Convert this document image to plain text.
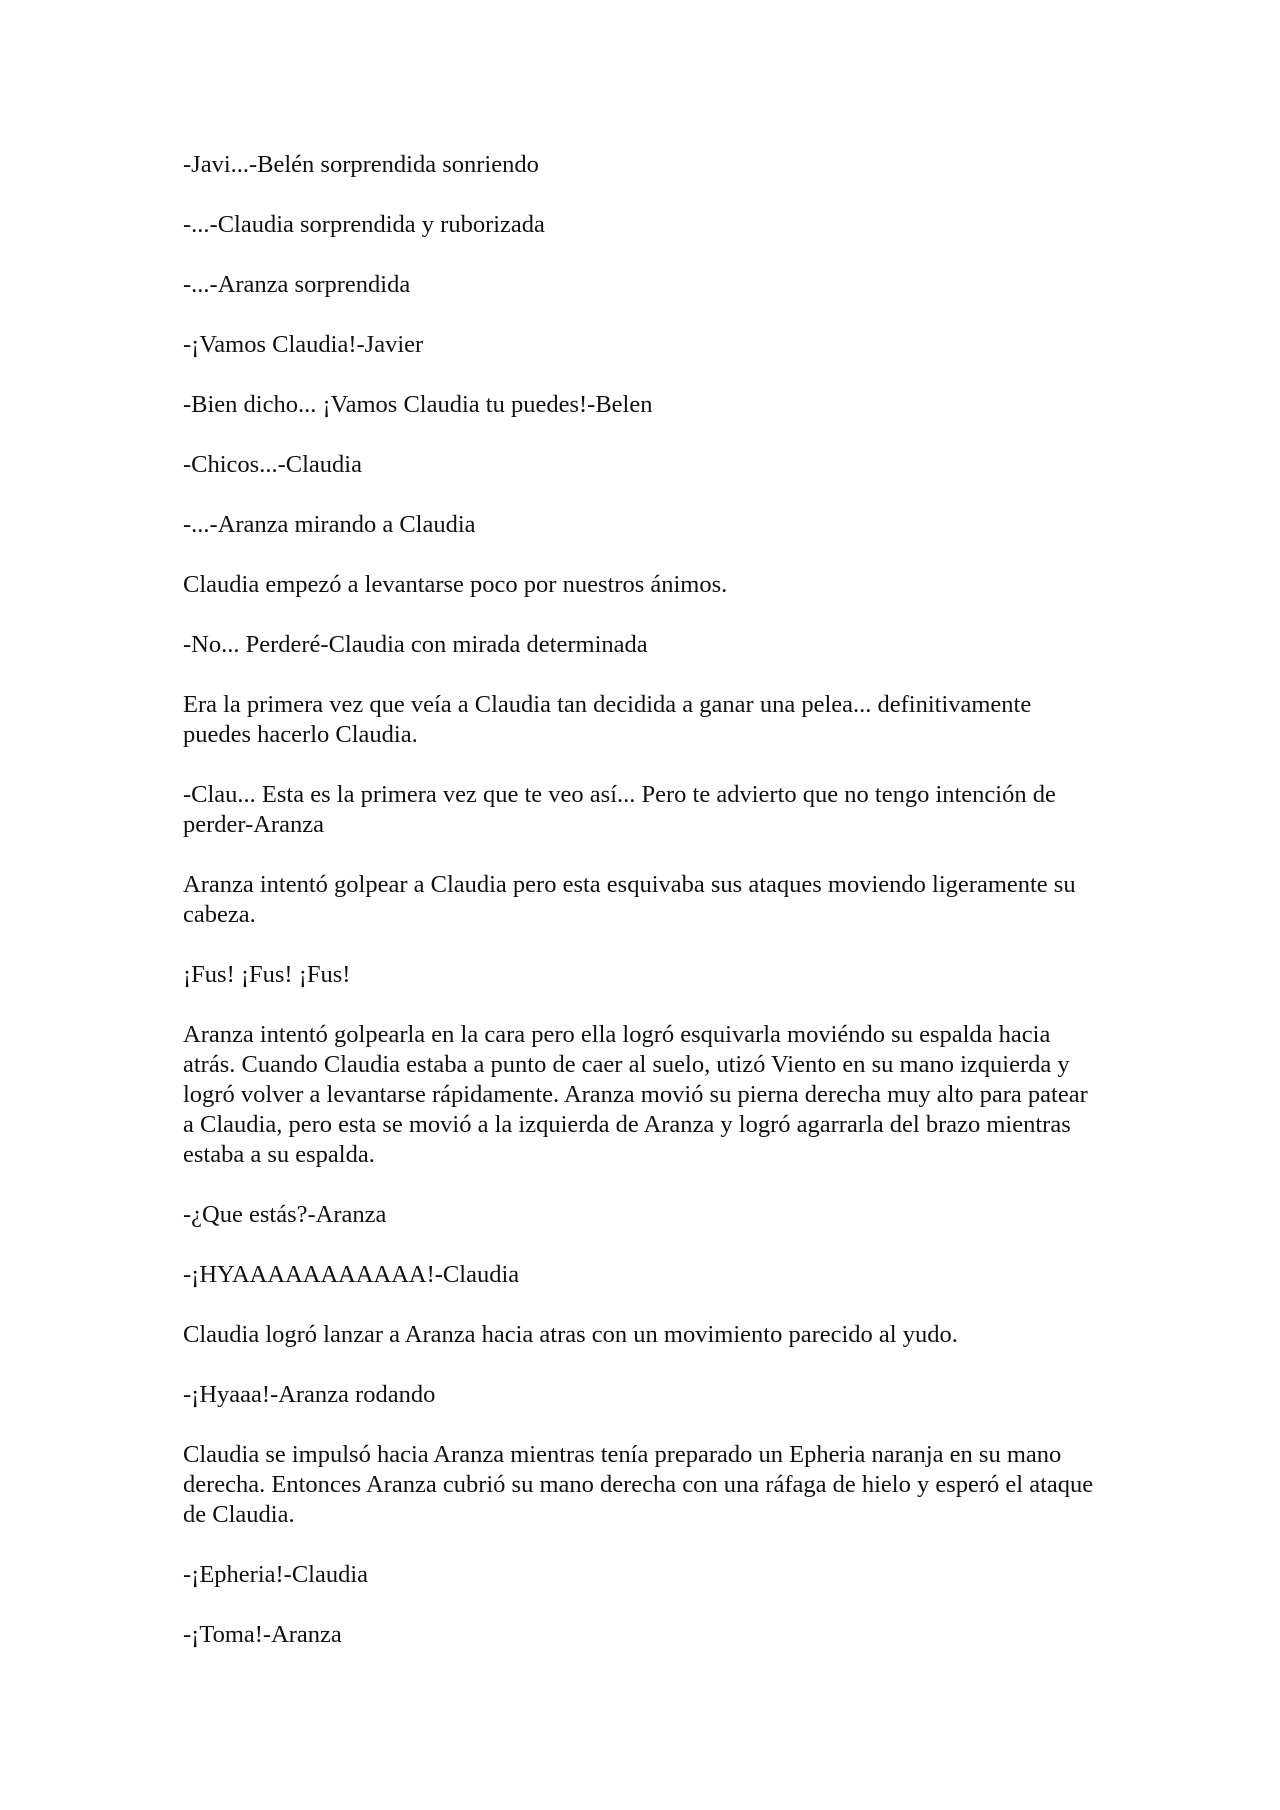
-Javi...-Belén sorprendida sonriendo

-...-Claudia sorprendida y ruborizada

-...-Aranza sorprendida

-¡Vamos Claudia!-Javier

-Bien dicho... ¡Vamos Claudia tu puedes!-Belen

-Chicos...-Claudia

-...-Aranza mirando a Claudia

Claudia empezó a levantarse poco por nuestros ánimos.

-No... Perderé-Claudia con mirada determinada

Era la primera vez que veía a Claudia tan decidida a ganar una pelea... definitivamente puedes hacerlo Claudia.

-Clau... Esta es la primera vez que te veo así... Pero te advierto que no tengo intención de perder-Aranza

Aranza intentó golpear a Claudia pero esta esquivaba sus ataques moviendo ligeramente su cabeza.

¡Fus! ¡Fus! ¡Fus!

Aranza intentó golpearla en la cara pero ella logró esquivarla moviéndo su espalda hacia atrás. Cuando Claudia estaba a punto de caer al suelo, utizó Viento en su mano izquierda y logró volver a levantarse rápidamente. Aranza movió su pierna derecha muy alto para patear a Claudia, pero esta se movió a la izquierda de Aranza y logró agarrarla del brazo mientras estaba a su espalda.

-¿Que estás?-Aranza

-¡HYAAAAAAAAAAA!-Claudia

Claudia logró lanzar a Aranza hacia atras con un movimiento parecido al yudo.

-¡Hyaaa!-Aranza rodando

Claudia se impulsó hacia Aranza mientras tenía preparado un Epheria naranja en su mano derecha. Entonces Aranza cubrió su mano derecha con una ráfaga de hielo y esperó el ataque de Claudia.

-¡Epheria!-Claudia

-¡Toma!-Aranza
